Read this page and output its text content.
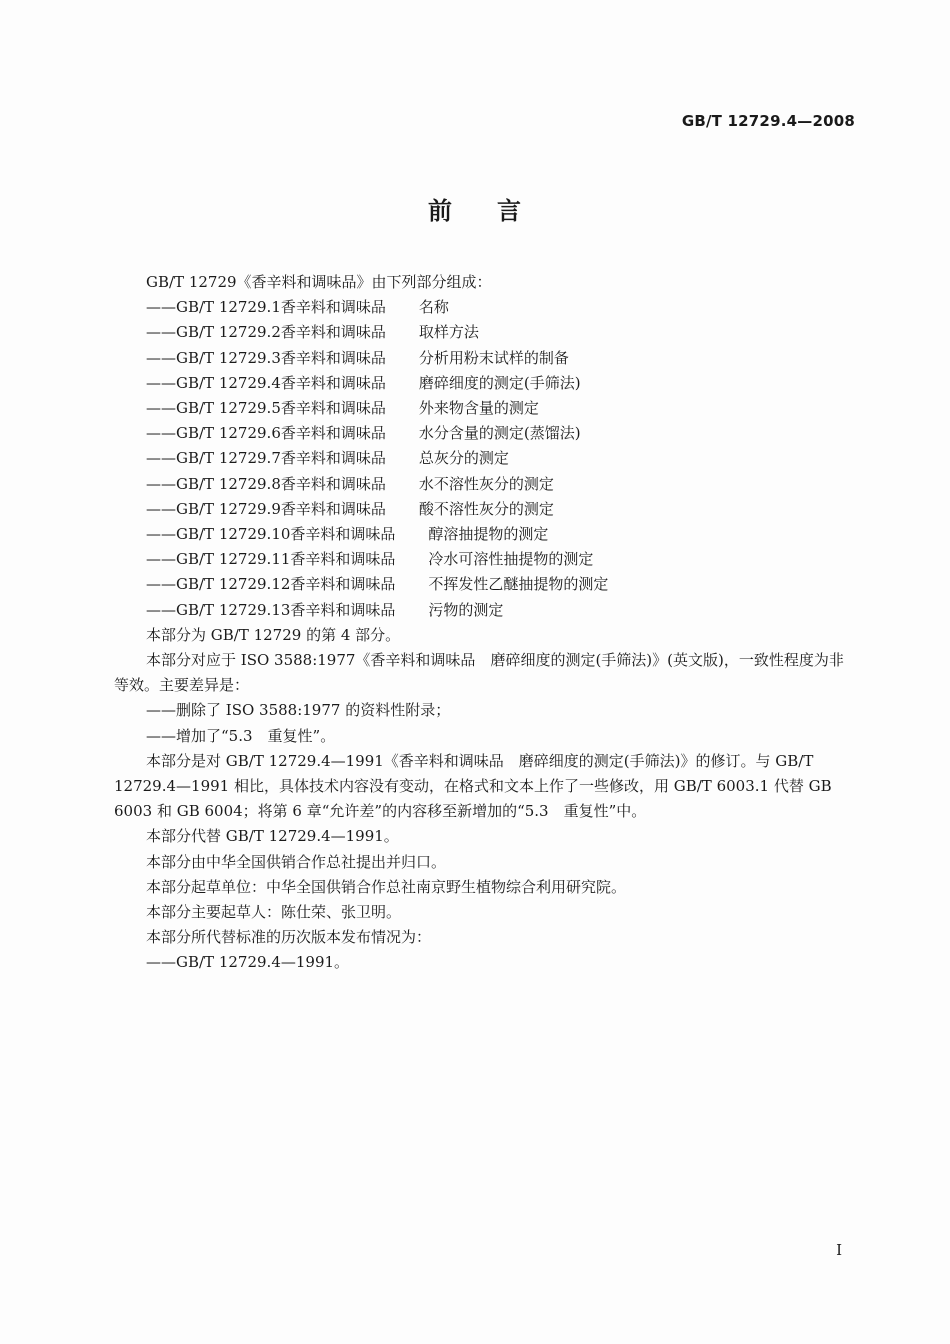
GB/T 12729.4—2008
前 言

GB/T 12729《香辛料和调味品》由下列部分组成：

——GB/T 12729.1香辛料和调味品 名称

——GB/T 12729.2香辛料和调味品 取样方法

——GB/T 12729.3香辛料和调味品 分析用粉末试样的制备

——GB/T 12729.4香辛料和调味品 磨碎细度的测定(手筛法)

——GB/T 12729.5香辛料和调味品 外来物含量的测定

——GB/T 12729.6香辛料和调味品 水分含量的测定(蒸馏法)

——GB/T 12729.7香辛料和调味品 总灰分的测定

——GB/T 12729.8香辛料和调味品 水不溶性灰分的测定

——GB/T 12729.9香辛料和调味品 酸不溶性灰分的测定

——GB/T 12729.10香辛料和调味品 醇溶抽提物的测定

——GB/T 12729.11香辛料和调味品 冷水可溶性抽提物的测定

——GB/T 12729.12香辛料和调味品 不挥发性乙醚抽提物的测定

——GB/T 12729.13香辛料和调味品 污物的测定

本部分为 GB/T 12729 的第 4 部分。

本部分对应于 ISO 3588:1977《香辛料和调味品　磨碎细度的测定(手筛法)》(英文版)，一致性程度为非等效。主要差异是：

——删除了 ISO 3588:1977 的资料性附录；

——增加了“5.3　重复性”。

本部分是对 GB/T 12729.4—1991《香辛料和调味品　磨碎细度的测定(手筛法)》的修订。与 GB/T 12729.4—1991 相比，具体技术内容没有变动，在格式和文本上作了一些修改，用 GB/T 6003.1 代替 GB 6003 和 GB 6004；将第 6 章“允许差”的内容移至新增加的“5.3　重复性”中。

本部分代替 GB/T 12729.4—1991。

本部分由中华全国供销合作总社提出并归口。

本部分起草单位：中华全国供销合作总社南京野生植物综合利用研究院。

本部分主要起草人：陈仕荣、张卫明。

本部分所代替标准的历次版本发布情况为：

——GB/T 12729.4—1991。

I
